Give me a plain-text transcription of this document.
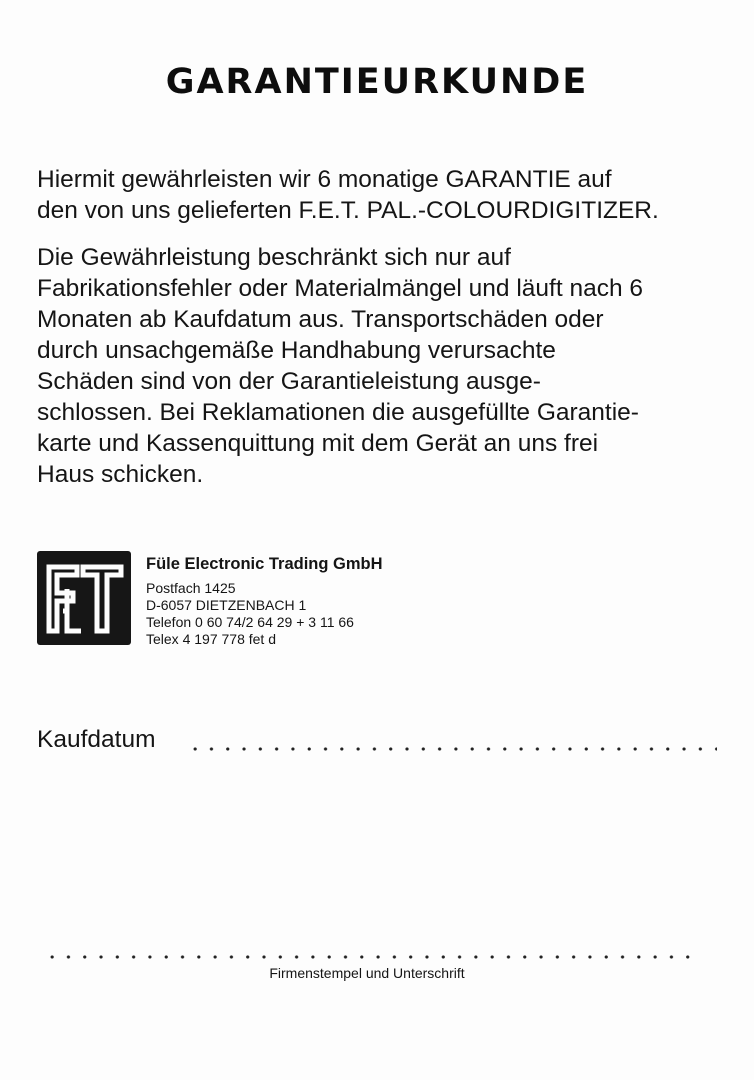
GARANTIEURKUNDE

Hiermit gewährleisten wir 6 monatige GARANTIE auf
den von uns gelieferten F.E.T. PAL.-COLOURDIGITIZER.

Die Gewährleistung beschränkt sich nur auf
Fabrikationsfehler oder Materialmängel und läuft nach 6
Monaten ab Kaufdatum aus. Transportschäden oder
durch unsachgemäße Handhabung verursachte
Schäden sind von der Garantieleistung ausge-
schlossen. Bei Reklamationen die ausgefüllte Garantie-
karte und Kassenquittung mit dem Gerät an uns frei
Haus schicken.

Füle Electronic Trading GmbH
Postfach 1425
D-6057 DIETZENBACH 1
Telefon 0 60 74/2 64 29 + 3 11 66
Telex 4 197 778 fet d
Kaufdatum
Firmenstempel und Unterschrift
